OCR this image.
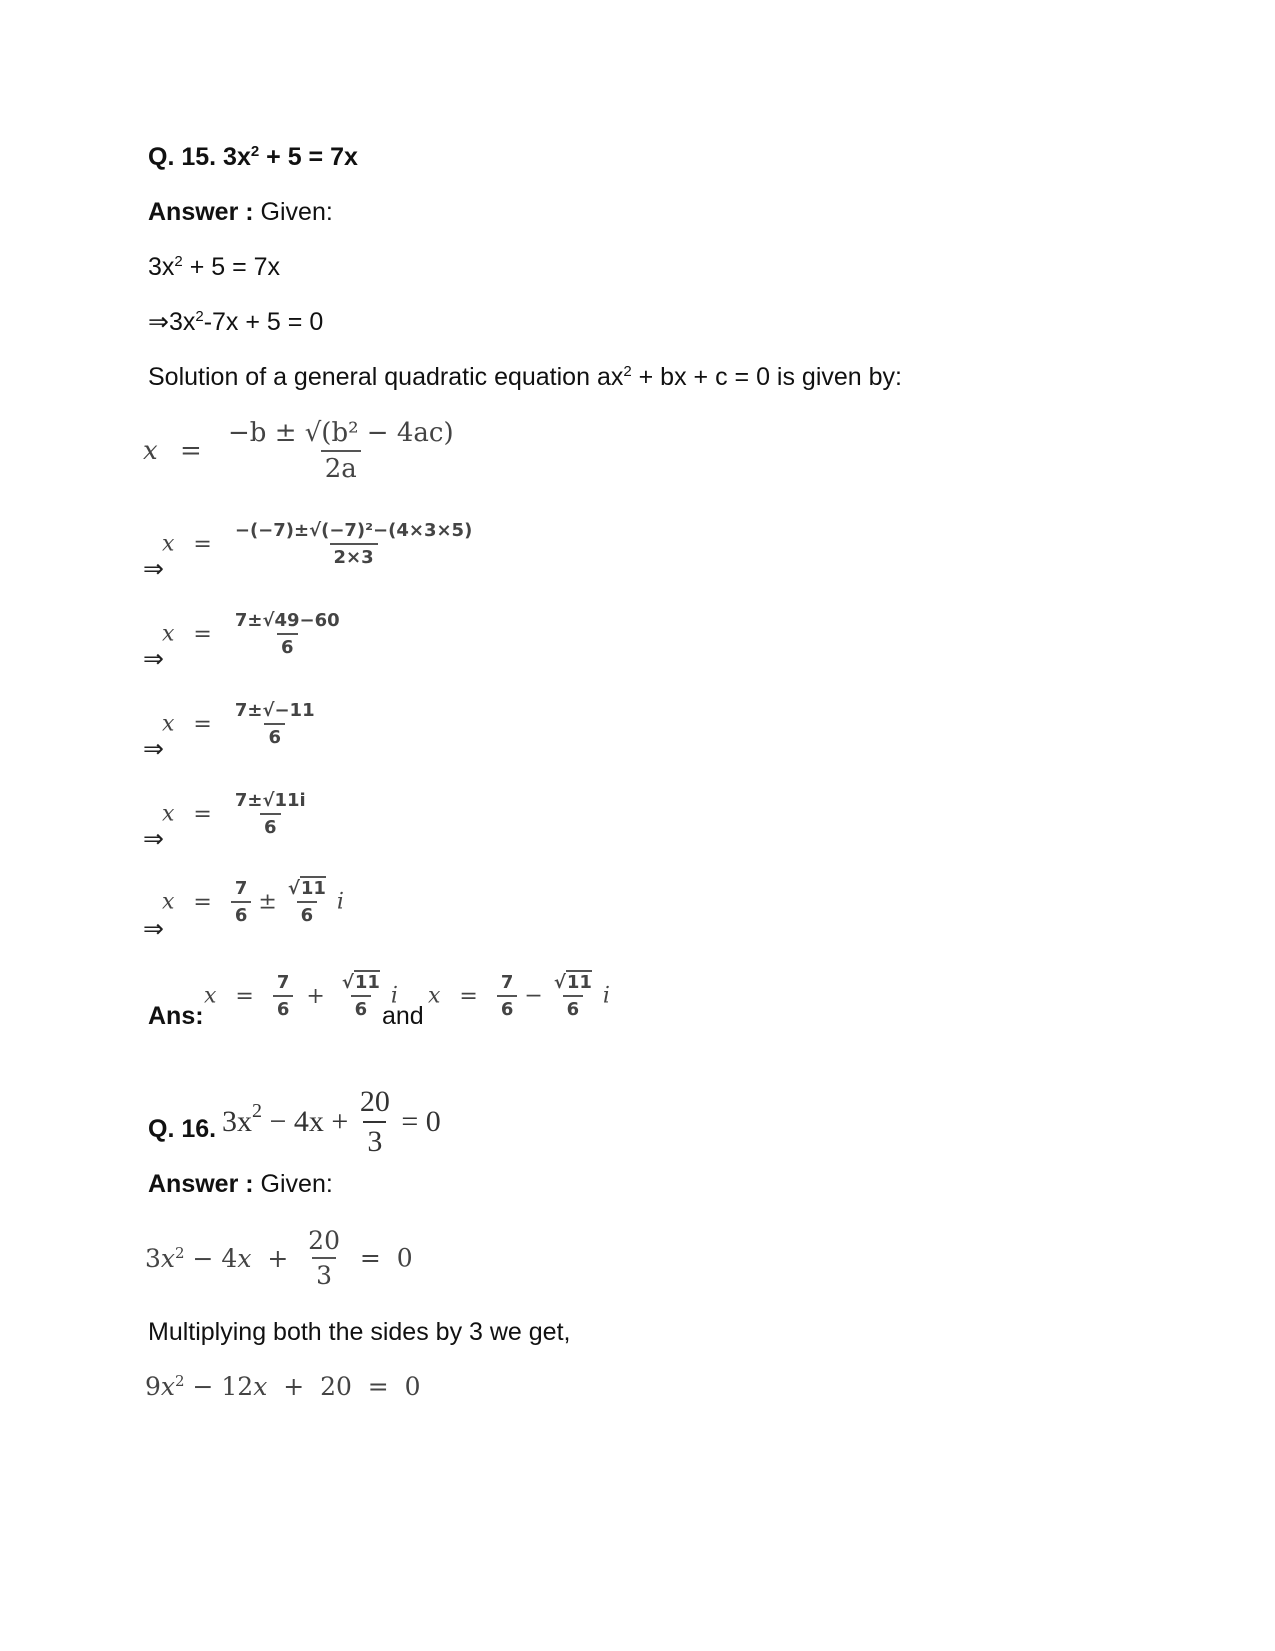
Q. 15. $3x^2 + 5 = 7x$
Answer : Given:
$3x^2 + 5 = 7x$
$\Rightarrow 3x^2-7x + 5 = 0$
Solution of a general quadratic equation $ax^2$ + bx + c = 0 is given by:
$x = \frac{\text{−b ± √(b² − 4ac)}}{2a}$
⇒
$x = \frac{\text{−(−7)±√(−7)²−(4×3×5)}}{2\times 3}$
⇒
$x = \frac{7\pm√49-60}{6}$
⇒
$x = \frac{7\pm√-11}{6}$
⇒
$x = \frac{7\pm√11i}{6}$
⇒
$x = \frac{7}{6} \pm \frac{√11}{6}$ i
Ans:
$x = \frac{7}{6} + \frac{√11}{6}$ i
and
$x = \frac{7}{6} - \frac{√11}{6}$ i
$3x^2 - 4x + \frac{20}{3} = 0$
Q. 16.
Answer : Given:
$3x^2 - 4x + \frac{20}{3} = 0$
Multiplying both the sides by 3 we get,
$9x^2 - 12x + 20 = 0$
